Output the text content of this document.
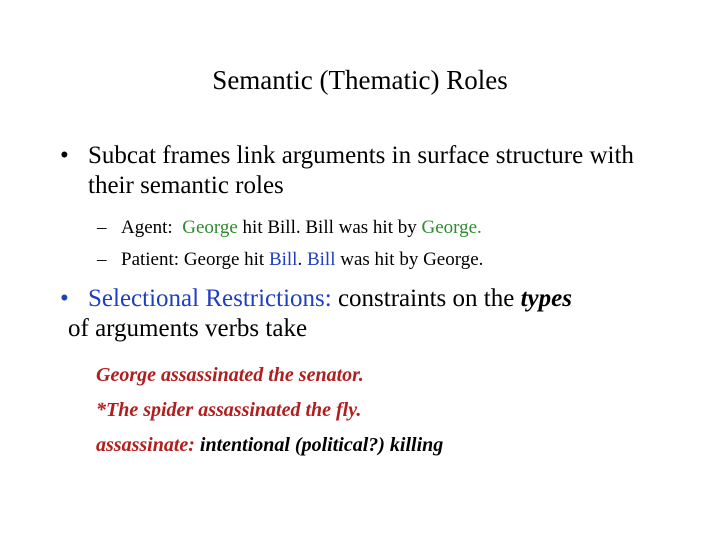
Semantic (Thematic) Roles
• Subcat frames link arguments in surface structure with their semantic roles
– Agent: George hit Bill. Bill was hit by George.
– Patient: George hit Bill. Bill was hit by George.
• Selectional Restrictions: constraints on the types
of arguments verbs take
George assassinated the senator.
*The spider assassinated the fly.
assassinate: intentional (political?) killing
